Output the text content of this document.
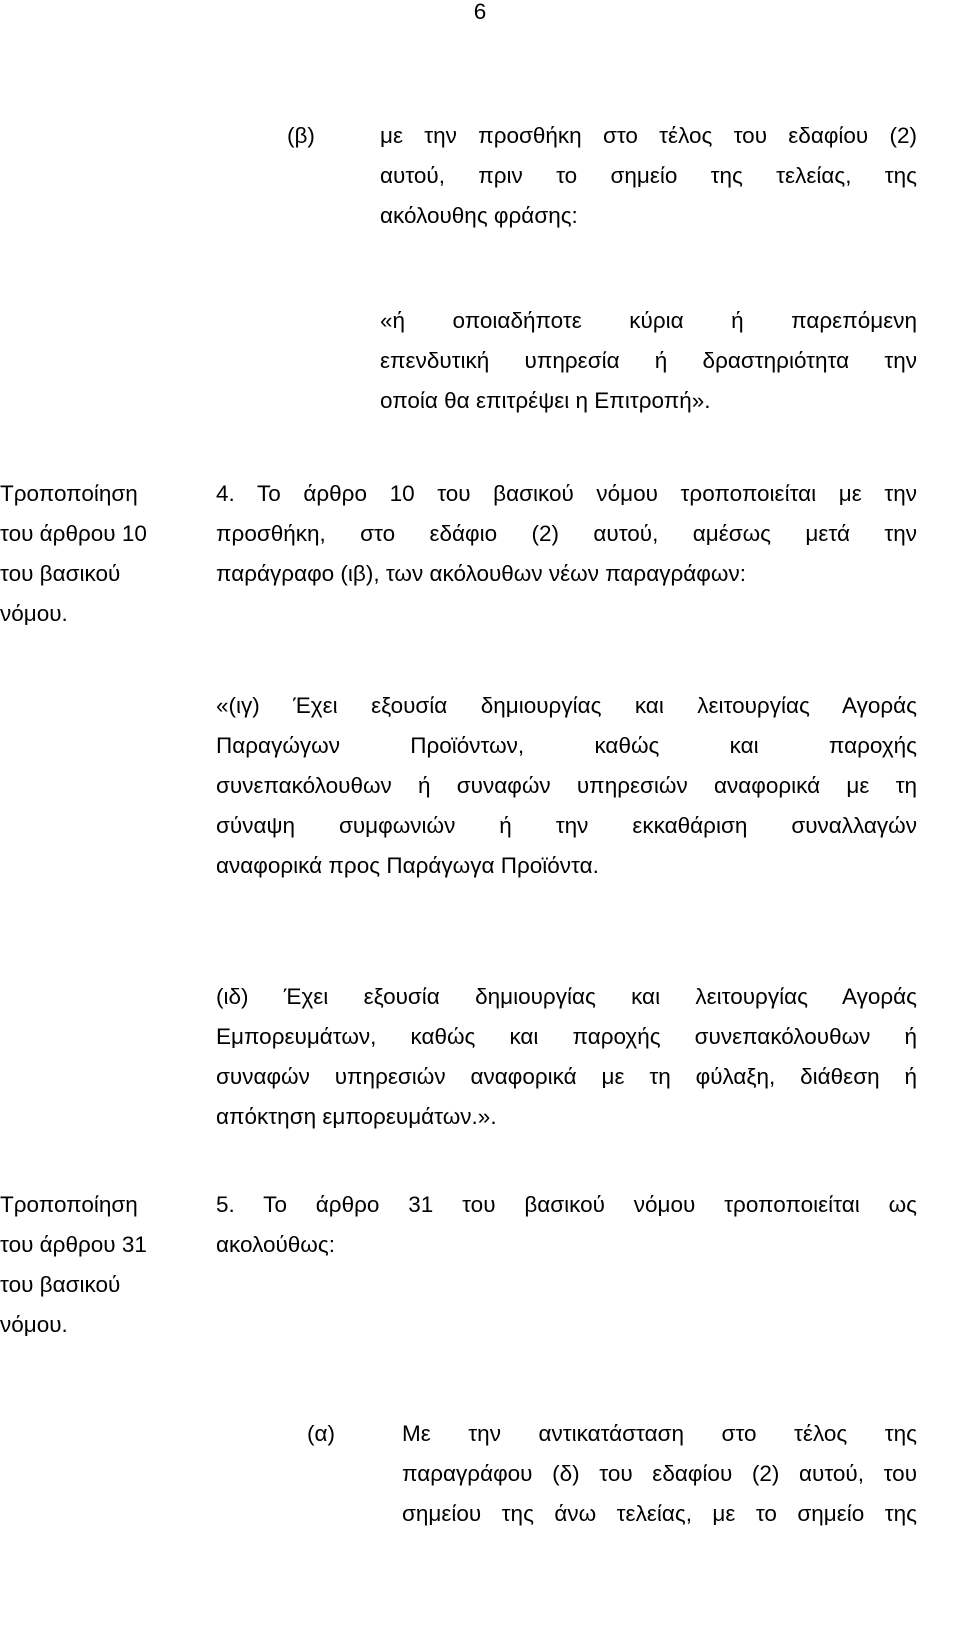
6
(β)	με την προσθήκη στο τέλος του εδαφίου (2)
αυτού, πριν το σημείο της τελείας, της
ακόλουθης φράσης:
«ή οποιαδήποτε κύρια ή παρεπόμενη
επενδυτική υπηρεσία ή δραστηριότητα την
οποία θα επιτρέψει η Επιτροπή».
Τροποποίηση
του άρθρου 10
του βασικού
νόμου.
4. Το άρθρο 10 του βασικού νόμου τροποποιείται με την
προσθήκη, στο εδάφιο (2) αυτού, αμέσως μετά την
παράγραφο (ιβ), των ακόλουθων νέων παραγράφων:
«(ιγ) Έχει εξουσία δημιουργίας και λειτουργίας Αγοράς
Παραγώγων Προϊόντων, καθώς και παροχής
συνεπακόλουθων ή συναφών υπηρεσιών αναφορικά με τη
σύναψη συμφωνιών ή την εκκαθάριση συναλλαγών
αναφορικά προς Παράγωγα Προϊόντα.
(ιδ) Έχει εξουσία δημιουργίας και λειτουργίας Αγοράς
Εμπορευμάτων, καθώς και παροχής συνεπακόλουθων ή
συναφών υπηρεσιών αναφορικά με τη φύλαξη, διάθεση ή
απόκτηση εμπορευμάτων.».
Τροποποίηση
του άρθρου 31
του βασικού
νόμου.
5. Το άρθρο 31 του βασικού νόμου τροποποιείται ως
ακολούθως:
(α)	Με την αντικατάσταση στο τέλος της
παραγράφου (δ) του εδαφίου (2) αυτού, του
σημείου της άνω τελείας, με το σημείο της
